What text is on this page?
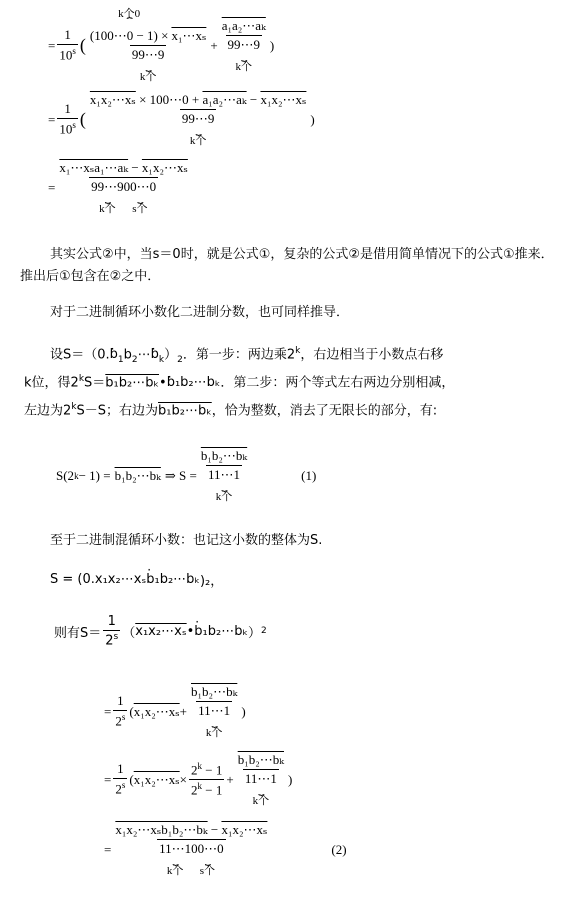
= $\frac{1}{10^s}$ ( k个0
⏞
(100⋯0 − 1) × x₁⋯xₛ
99⋯9
⏟
k个 + a₁a₂⋯aₖ
99⋯9
⏟
k个 )
= $\frac{1}{10^s}$ ( x₁x₂⋯xₛ × 100⋯0 + a₁a₂⋯aₖ − x₁x₂⋯xₛ
99⋯9
⏟
k个 )
=
x₁⋯xₛa₁⋯aₖ − x₁x₂⋯xₛ
99⋯9
⏟
k个
00⋯0
⏟
s个
其实公式②中，当s＝0时，就是公式①，复杂的公式②是借用简单情况下的公式①推来．推出后①包含在②之中．
对于二进制循环小数化二进制分数，也可同样推导．
设$S=(0.\cdot b_1b_2\cdots\cdot b_k)_2$．第一步：两边乘2$^k$，右边相当于小数点右移
k位，得$2^kS=b_1b_2\cdots b_k•\cdot$ b₁b₂⋯bₖ．第二步：两个等式左右两边分别相减，
左边为$2^kS-S$；右边为b₁b₂⋯bₖ，恰为整数，消去了无限长的部分，有:
S(2 k − 1) = b₁b₂⋯bₖ ⇒ S = b₁b₂⋯bₖ
11⋯1
⏟
k个	(1)
至于二进制混循环小数：也记这小数的整体为S.
S = (0.x₁x₂⋯xₛ · b₁b₂⋯bₖ )₂，
则有$S= \frac{1}{2^s}$ （ x₁x₂⋯xₛ • · b₁b₂⋯bₖ ） 2
= $\frac{1}{2^s}$ ( x₁x₂⋯xₛ + b₁b₂⋯bₖ
11⋯1
⏟
k个 )
= $\frac{1}{2^s}$ ( x₁x₂⋯xₛ × $\frac{2^k - 1}{2^k - 1}$ + b₁b₂⋯bₖ
11⋯1
⏟
k个 )
=
x₁x₂⋯xₛb₁b₂⋯bₖ − x₁x₂⋯xₛ
11⋯1
⏟
k个
00⋯0
⏟
s个
(2)
